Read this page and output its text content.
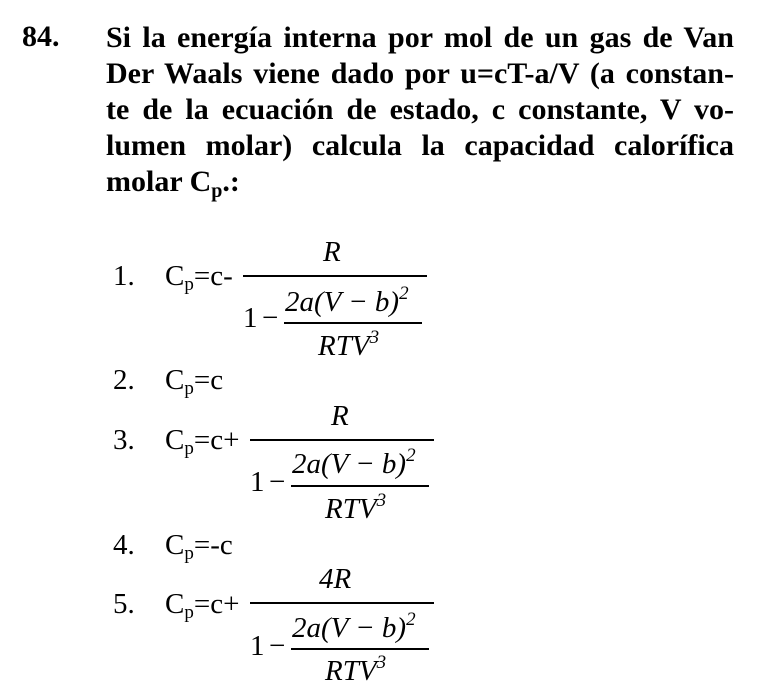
84. Si la energía interna por mol de un gas de Van
Der Waals viene dado por u=cT-a/V (a constan-
te de la ecuación de estado, c constante, V vo-
lumen molar) calcula la capacidad calorífica
molar $C_p$.:
1. $C_p=c-$
R
$1 - 2a(V - b)^2$
RTV$^3$
2. $C_p=c$
3. $C_p=c+$
R
1 −
$2a(V - b)^2$
RTV$^3$
4. $C_p=-c$
5. $C_p=c+$
4R
1 −
$2a(V - b)^2$
RTV$^3$
